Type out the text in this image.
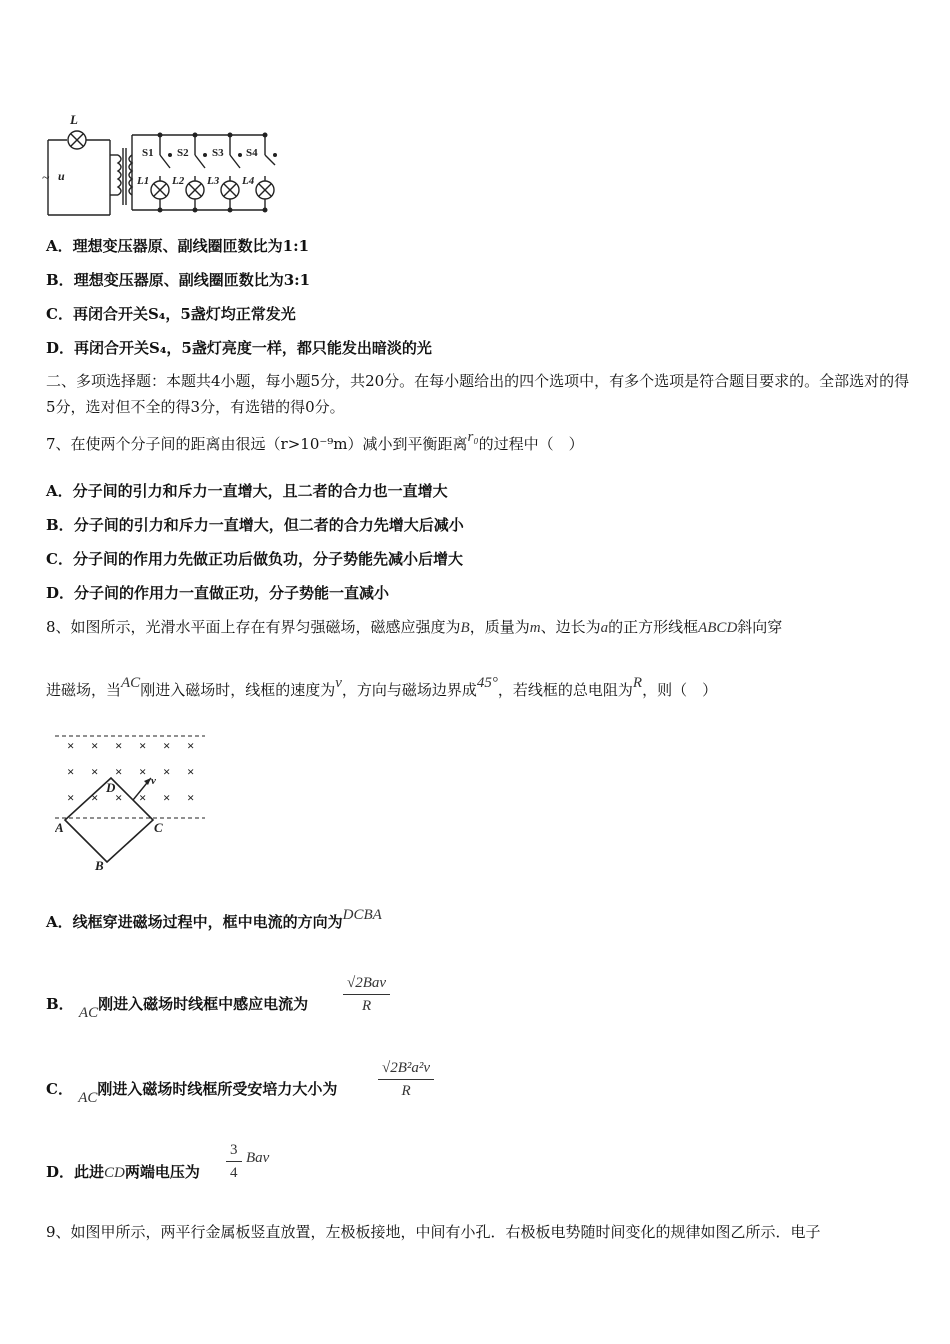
~ u
L
S1 S2 S3 S4
L1 L2 L3 L4
A．理想变压器原、副线圈匝数比为1:1
B．理想变压器原、副线圈匝数比为3:1
C．再闭合开关S₄，5盏灯均正常发光
D．再闭合开关S₄，5盏灯亮度一样，都只能发出暗淡的光
二、多项选择题：本题共4小题，每小题5分，共20分。在每小题给出的四个选项中，有多个选项是符合题目要求的。全部选对的得5分，选对但不全的得3分，有选错的得0分。
7、在使两个分子间的距离由很远（r>10⁻⁹m）减小到平衡距离r₀的过程中（　）
A．分子间的引力和斥力一直增大，且二者的合力也一直增大
B．分子间的引力和斥力一直增大，但二者的合力先增大后减小
C．分子间的作用力先做正功后做负功，分子势能先减小后增大
D．分子间的作用力一直做正功，分子势能一直减小
8、如图所示，光滑水平面上存在有界匀强磁场，磁感应强度为B，质量为m、边长为a的正方形线框ABCD斜向穿
进磁场，当AC刚进入磁场时，线框的速度为v，方向与磁场边界成45°，若线框的总电阻为R，则（　）
× × × × × ×
× × × × × ×
× × × × × ×
A
B
C
D	v
A．线框穿进磁场过程中，框中电流的方向为DCBA
B． AC刚进入磁场时线框中感应电流为
√2Bav
R
C． AC刚进入磁场时线框所受安培力大小为	$\frac{\text{√2B²a²v}}{R}$
D．此进CD两端电压为 $\frac{3}{4}$ Bav
9、如图甲所示，两平行金属板竖直放置，左极板接地，中间有小孔．右极板电势随时间变化的规律如图乙所示．电子
